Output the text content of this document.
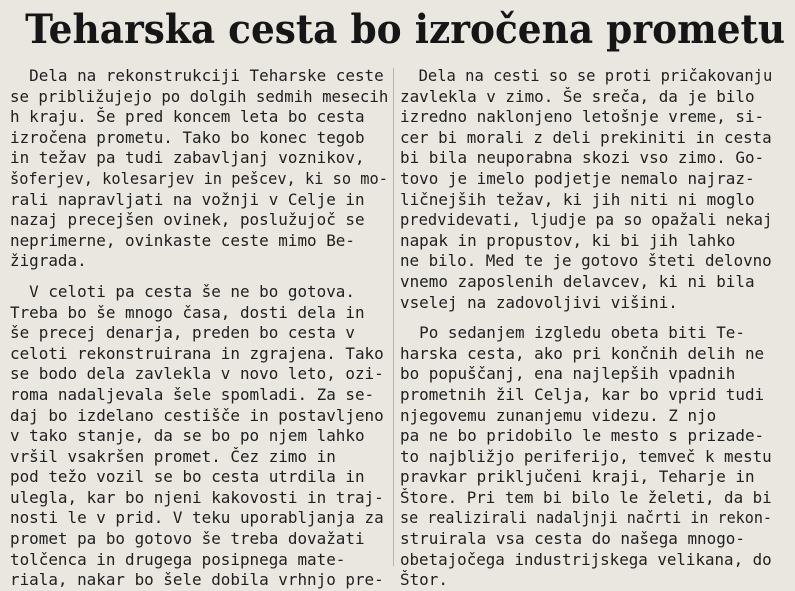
Teharska cesta bo izročena prometu
Dela na rekonstrukciji Teharske ceste
se približujejo po dolgih sedmih mesecih
h kraju. Še pred koncem leta bo cesta
izročena prometu. Tako bo konec tegob
in težav pa tudi zabavljanj voznikov,
šoferjev, kolesarjev in pešcev, ki so mo-
rali napravljati na vožnji v Celje in
nazaj precejšen ovinek, poslužujoč se
neprimerne, ovinkaste ceste mimo Be-
žigrada.
V celoti pa cesta še ne bo gotova.
Treba bo še mnogo časa, dosti dela in
še precej denarja, preden bo cesta v
celoti rekonstruirana in zgrajena. Tako
se bodo dela zavlekla v novo leto, ozi-
roma nadaljevala šele spomladi. Za se-
daj bo izdelano cestišče in postavljeno
v tako stanje, da se bo po njem lahko
vršil vsakršen promet. Čez zimo in
pod težo vozil se bo cesta utrdila in
ulegla, kar bo njeni kakovosti in traj-
nosti le v prid. V teku uporabljanja za
promet pa bo gotovo še treba dovažati
tolčenca in drugega posipnega mate-
riala, nakar bo šele dobila vrhnjo pre-
Dela na cesti so se proti pričakovanju
zavlekla v zimo. Še sreča, da je bilo
izredno naklonjeno letošnje vreme, si-
cer bi morali z deli prekiniti in cesta
bi bila neuporabna skozi vso zimo. Go-
tovo je imelo podjetje nemalo najraz-
ličnejših težav, ki jih niti ni moglo
predvidevati, ljudje pa so opažali nekaj
napak in propustov, ki bi jih lahko
ne bilo. Med te je gotovo šteti delovno
vnemo zaposlenih delavcev, ki ni bila
vselej na zadovoljivi višini.
Po sedanjem izgledu obeta biti Te-
harska cesta, ako pri končnih delih ne
bo popuščanj, ena najlepših vpadnih
prometnih žil Celja, kar bo vprid tudi
njegovemu zunanjemu videzu. Z njo
pa ne bo pridobilo le mesto s prizade-
to najbližjo periferijo, temveč k mestu
pravkar priključeni kraji, Teharje in
Štore. Pri tem bi bilo le želeti, da bi
se realizirali nadaljnji načrti in rekon-
struirala vsa cesta do našega mnogo-
obetajočega industrijskega velikana, do
Štor.
